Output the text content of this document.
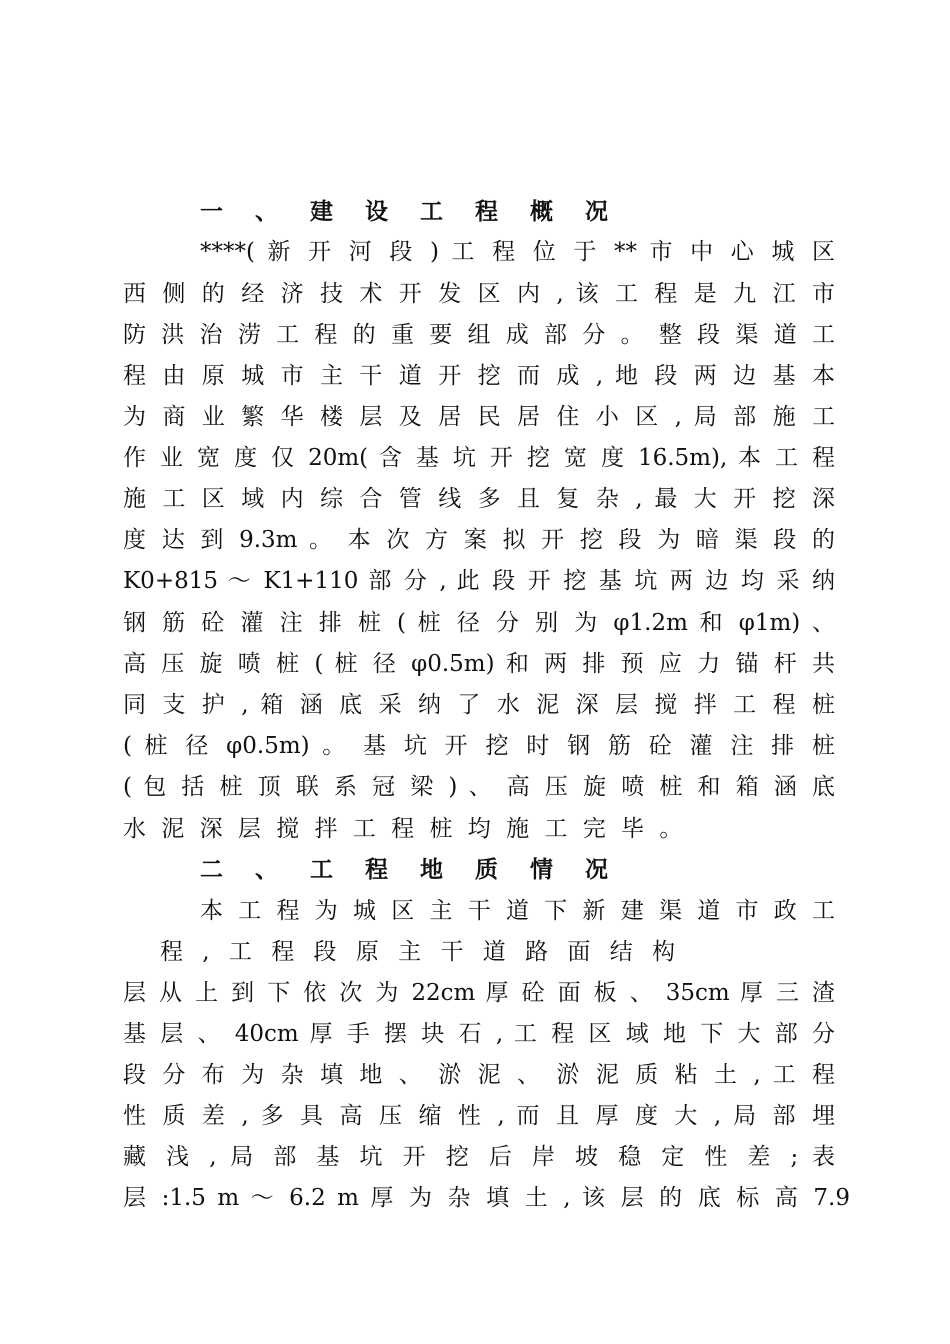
一 、 建 设 工 程 概 况
****( 新 开 河 段 ) 工 程 位 于 ** 市 中 心 城 区
西 侧 的 经 济 技 术 开 发 区 内 , 该 工 程 是 九 江 市
防 洪 治 涝 工 程 的 重 要 组 成 部 分 。 整 段 渠 道 工
程 由 原 城 市 主 干 道 开 挖 而 成 , 地 段 两 边 基 本
为 商 业 繁 华 楼 层 及 居 民 居 住 小 区 , 局 部 施 工
作 业 宽 度 仅 20m( 含 基 坑 开 挖 宽 度 16.5m), 本 工 程
施 工 区 域 内 综 合 管 线 多 且 复 杂 , 最 大 开 挖 深
度 达 到 9.3m 。 本 次 方 案 拟 开 挖 段 为 暗 渠 段 的
K0+815 ～ K1+110 部 分 , 此 段 开 挖 基 坑 两 边 均 采 纳
钢 筋 砼 灌 注 排 桩 ( 桩 径 分 别 为 φ1.2m 和 φ1m) 、
高 压 旋 喷 桩 ( 桩 径 φ0.5m) 和 两 排 预 应 力 锚 杆 共
同 支 护 , 箱 涵 底 采 纳 了 水 泥 深 层 搅 拌 工 程 桩
( 桩 径 φ0.5m) 。 基 坑 开 挖 时 钢 筋 砼 灌 注 排 桩
( 包 括 桩 顶 联 系 冠 梁 ) 、 高 压 旋 喷 桩 和 箱 涵 底
水 泥 深 层 搅 拌 工 程 桩 均 施 工 完 毕 。
二 、 工 程 地 质 情 况
本 工 程 为 城 区 主 干 道 下 新 建 渠 道 市 政 工
程 , 工 程 段 原 主 干 道 路 面 结 构
层 从 上 到 下 依 次 为 22cm 厚 砼 面 板 、 35cm 厚 三 渣
基 层 、 40cm 厚 手 摆 块 石 , 工 程 区 域 地 下 大 部 分
段 分 布 为 杂 填 地 、 淤 泥 、 淤 泥 质 粘 土 , 工 程
性 质 差 , 多 具 高 压 缩 性 , 而 且 厚 度 大 , 局 部 埋
藏 浅 , 局 部 基 坑 开 挖 后 岸 坡 稳 定 性 差 ; 表
层 :1.5 m ～ 6.2 m 厚 为 杂 填 土 , 该 层 的 底 标 高 7.9
